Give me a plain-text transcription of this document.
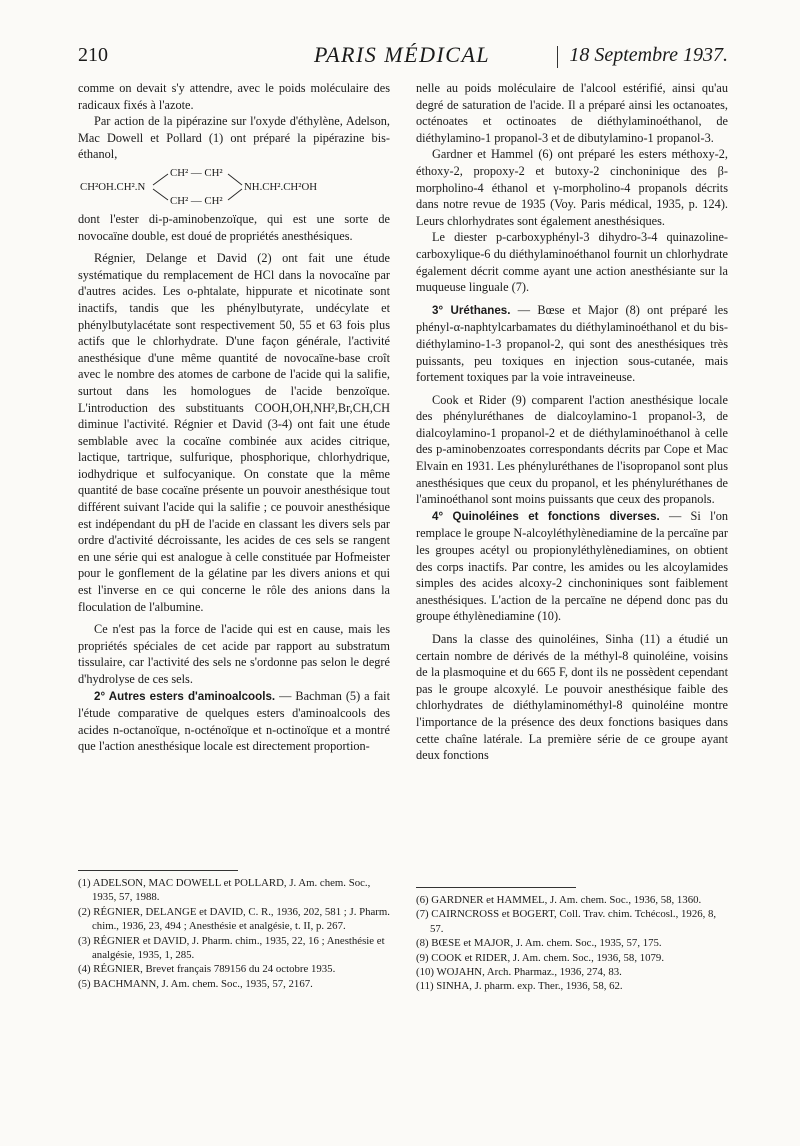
210	PARIS MÉDICAL	18 Septembre 1937.

comme on devait s'y attendre, avec le poids moléculaire des radicaux fixés à l'azote.

Par action de la pipérazine sur l'oxyde d'éthylène, Adelson, Mac Dowell et Pollard (1) ont préparé la pipérazine bis-éthanol,

CH² — CH²
CH²OH.CH².N	NH.CH².CH²OH
CH² — CH²

dont l'ester di-p-aminobenzoïque, qui est une sorte de novocaïne double, est doué de propriétés anesthésiques.

Régnier, Delange et David (2) ont fait une étude systématique du remplacement de HCl dans la novocaïne par d'autres acides. Les o-phtalate, hippurate et nicotinate sont inactifs, tandis que les phénylbutyrate, undécylate et phénylbutylacétate sont respectivement 50, 55 et 63 fois plus actifs que le chlorhydrate. D'une façon générale, l'activité anesthésique d'une même quantité de novocaïne-base croît avec le nombre des atomes de carbone de l'acide qui la salifie, surtout dans les homologues de l'acide benzoïque. L'introduction des substituants COOH,OH,NH²,Br,CH,CH diminue l'activité. Régnier et David (3-4) ont fait une étude semblable avec la cocaïne combinée aux acides citrique, lactique, tartrique, sulfurique, phosphorique, chlorhydrique, iodhydrique et sulfocyanique. On constate que la même quantité de base cocaïne présente un pouvoir anesthésique tout différent suivant l'acide qui la salifie ; ce pouvoir anesthésique est indépendant du pH de l'acide en classant les divers sels par ordre d'activité décroissante, les acides de ces sels se rangent en une série qui est analogue à celle constituée par Hofmeister pour le gonflement de la gélatine par les divers anions et qui est l'inverse en ce qui concerne le rôle des anions dans la floculation de l'albumine.

Ce n'est pas la force de l'acide qui est en cause, mais les propriétés spéciales de cet acide par rapport au substratum tissulaire, car l'activité des sels ne s'ordonne pas selon le degré d'hydrolyse de ces sels.

2° Autres esters d'aminoalcools. — Bachman (5) a fait l'étude comparative de quelques esters d'aminoalcools des acides n-octanoïque, n-octénoïque et n-octinoïque et a montré que l'action anesthésique locale est directement proportion-

(1) ADELSON, MAC DOWELL et POLLARD, J. Am. chem. Soc., 1935, 57, 1988.
(2) RÉGNIER, DELANGE et DAVID, C. R., 1936, 202, 581 ; J. Pharm. chim., 1936, 23, 494 ; Anesthésie et analgésie, t. II, p. 267.
(3) RÉGNIER et DAVID, J. Pharm. chim., 1935, 22, 16 ; Anesthésie et analgésie, 1935, 1, 285.
(4) RÉGNIER, Brevet français 789156 du 24 octobre 1935.
(5) BACHMANN, J. Am. chem. Soc., 1935, 57, 2167.

nelle au poids moléculaire de l'alcool estérifié, ainsi qu'au degré de saturation de l'acide. Il a préparé ainsi les octanoates, octénoates et octinoates de diéthylaminoéthanol, de diéthylamino-1 propanol-3 et de dibutylamino-1 propanol-3.

Gardner et Hammel (6) ont préparé les esters méthoxy-2, éthoxy-2, propoxy-2 et butoxy-2 cinchoninique des β-morpholino-4 éthanol et γ-morpholino-4 propanols décrits dans notre revue de 1935 (Voy. Paris médical, 1935, p. 124). Leurs chlorhydrates sont également anesthésiques.

Le diester p-carboxyphényl-3 dihydro-3-4 quinazoline-carboxylique-6 du diéthylaminoéthanol fournit un chlorhydrate également décrit comme ayant une action anesthésiante sur la muqueuse linguale (7).

3° Uréthanes. — Bœse et Major (8) ont préparé les phényl-α-naphtylcarbamates du diéthylaminoéthanol et du bis-diéthylamino-1-3 propanol-2, qui sont des anesthésiques très puissants, peu toxiques en injection sous-cutanée, mais fortement toxiques par la voie intraveineuse.

Cook et Rider (9) comparent l'action anesthésique locale des phényluréthanes de dialcoylamino-1 propanol-3, de dialcoylamino-1 propanol-2 et de diéthylaminoéthanol à celle des p-aminobenzoates correspondants décrits par Cope et Mac Elvain en 1931. Les phényluréthanes de l'isopropanol sont plus anesthésiques que ceux du propanol, et les phényluréthanes de l'aminoéthanol sont moins puissants que ceux des propanols.

4° Quinoléines et fonctions diverses. — Si l'on remplace le groupe N-alcoyléthylènediamine de la percaïne par les groupes acétyl ou propionyléthylènediamines, on obtient des corps inactifs. Par contre, les amides ou les alcoylamides simples des acides alcoxy-2 cinchoniniques sont faiblement anesthésiques. L'action de la percaïne ne dépend donc pas du groupe éthylènediamine (10).

Dans la classe des quinoléines, Sinha (11) a étudié un certain nombre de dérivés de la méthyl-8 quinoléine, voisins de la plasmoquine et du 665 F, dont ils ne possèdent cependant pas le groupe alcoxylé. Le pouvoir anesthésique faible des chlorhydrates de diéthylaminométhyl-8 quinoléine montre l'importance de la présence des deux fonctions basiques dans cette chaîne latérale. La première série de ce groupe ayant deux fonctions

(6) GARDNER et HAMMEL, J. Am. chem. Soc., 1936, 58, 1360.
(7) CAIRNCROSS et BOGERT, Coll. Trav. chim. Tchécosl., 1926, 8, 57.
(8) BŒSE et MAJOR, J. Am. chem. Soc., 1935, 57, 175.
(9) COOK et RIDER, J. Am. chem. Soc., 1936, 58, 1079.
(10) WOJAHN, Arch. Pharmaz., 1936, 274, 83.
(11) SINHA, J. pharm. exp. Ther., 1936, 58, 62.
